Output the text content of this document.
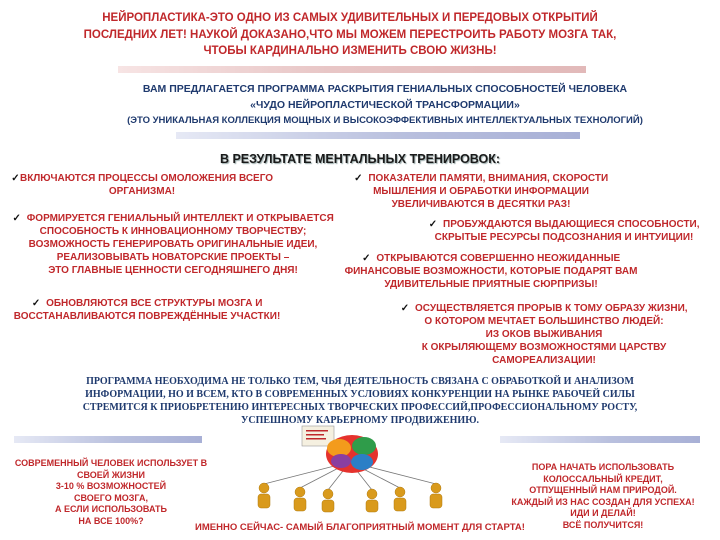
НЕЙРОПЛАСТИКА-ЭТО ОДНО ИЗ САМЫХ УДИВИТЕЛЬНЫХ И ПЕРЕДОВЫХ ОТКРЫТИЙ
ПОСЛЕДНИХ ЛЕТ! НАУКОЙ ДОКАЗАНО,ЧТО МЫ МОЖЕМ ПЕРЕСТРОИТЬ РАБОТУ МОЗГА ТАК,
ЧТОБЫ КАРДИНАЛЬНО ИЗМЕНИТЬ СВОЮ ЖИЗНЬ!
ВАМ ПРЕДЛАГАЕТСЯ ПРОГРАММА РАСКРЫТИЯ ГЕНИАЛЬНЫХ СПОСОБНОСТЕЙ ЧЕЛОВЕКА
«ЧУДО НЕЙРОПЛАСТИЧЕСКОЙ ТРАНСФОРМАЦИИ»
(ЭТО УНИКАЛЬНАЯ КОЛЛЕКЦИЯ МОЩНЫХ И ВЫСОКОЭФФЕКТИВНЫХ ИНТЕЛЛЕКТУАЛЬНЫХ ТЕХНОЛОГИЙ)
В РЕЗУЛЬТАТЕ МЕНТАЛЬНЫХ ТРЕНИРОВОК:
✓ВКЛЮЧАЮТСЯ ПРОЦЕССЫ ОМОЛОЖЕНИЯ ВСЕГО
ОРГАНИЗМА!
✓ ФОРМИРУЕТСЯ ГЕНИАЛЬНЫЙ ИНТЕЛЛЕКТ И ОТКРЫВАЕТСЯ
СПОСОБНОСТЬ К ИННОВАЦИОННОМУ ТВОРЧЕСТВУ;
ВОЗМОЖНОСТЬ ГЕНЕРИРОВАТЬ ОРИГИНАЛЬНЫЕ ИДЕИ,
РЕАЛИЗОВЫВАТЬ НОВАТОРСКИЕ ПРОЕКТЫ –
ЭТО ГЛАВНЫЕ ЦЕННОСТИ СЕГОДНЯШНЕГО ДНЯ!
✓ ОБНОВЛЯЮТСЯ ВСЕ СТРУКТУРЫ МОЗГА И
ВОССТАНАВЛИВАЮТСЯ ПОВРЕЖДЁННЫЕ УЧАСТКИ!
✓ ПОКАЗАТЕЛИ ПАМЯТИ, ВНИМАНИЯ, СКОРОСТИ
МЫШЛЕНИЯ И ОБРАБОТКИ ИНФОРМАЦИИ
УВЕЛИЧИВАЮТСЯ В ДЕСЯТКИ РАЗ!
✓ ПРОБУЖДАЮТСЯ ВЫДАЮЩИЕСЯ СПОСОБНОСТИ,
СКРЫТЫЕ РЕСУРСЫ ПОДСОЗНАНИЯ И ИНТУИЦИИ!
✓ ОТКРЫВАЮТСЯ СОВЕРШЕННО НЕОЖИДАННЫЕ
ФИНАНСОВЫЕ ВОЗМОЖНОСТИ, КОТОРЫЕ ПОДАРЯТ ВАМ
УДИВИТЕЛЬНЫЕ ПРИЯТНЫЕ СЮРПРИЗЫ!
✓ ОСУЩЕСТВЛЯЕТСЯ ПРОРЫВ К ТОМУ ОБРАЗУ ЖИЗНИ,
О КОТОРОМ МЕЧТАЕТ БОЛЬШИНСТВО ЛЮДЕЙ:
ИЗ ОКОВ ВЫЖИВАНИЯ
К ОКРЫЛЯЮЩЕМУ ВОЗМОЖНОСТЯМИ ЦАРСТВУ
САМОРЕАЛИЗАЦИИ!
ПРОГРАММА НЕОБХОДИМА НЕ ТОЛЬКО ТЕМ, ЧЬЯ ДЕЯТЕЛЬНОСТЬ СВЯЗАНА С ОБРАБОТКОЙ И АНАЛИЗОМ
ИНФОРМАЦИИ, НО И ВСЕМ, КТО В СОВРЕМЕННЫХ УСЛОВИЯХ КОНКУРЕНЦИИ НА РЫНКЕ РАБОЧЕЙ СИЛЫ
СТРЕМИТСЯ К ПРИОБРЕТЕНИЮ ИНТЕРЕСНЫХ ТВОРЧЕСКИХ ПРОФЕССИЙ,ПРОФЕССИОНАЛЬНОМУ РОСТУ,
УСПЕШНОМУ КАРЬЕРНОМУ ПРОДВИЖЕНИЮ.
СОВРЕМЕННЫЙ ЧЕЛОВЕК ИСПОЛЬЗУЕТ В
СВОЕЙ ЖИЗНИ
3-10 % ВОЗМОЖНОСТЕЙ
СВОЕГО МОЗГА,
А ЕСЛИ ИСПОЛЬЗОВАТЬ
НА ВСЕ 100%?
ПОРА НАЧАТЬ ИСПОЛЬЗОВАТЬ
КОЛОССАЛЬНЫЙ КРЕДИТ,
ОТПУЩЕННЫЙ НАМ ПРИРОДОЙ.
КАЖДЫЙ ИЗ НАС СОЗДАН ДЛЯ УСПЕХА!
ИДИ И ДЕЛАЙ!
ВСЁ ПОЛУЧИТСЯ!
ИМЕННО СЕЙЧАС- САМЫЙ БЛАГОПРИЯТНЫЙ МОМЕНТ ДЛЯ СТАРТА!
